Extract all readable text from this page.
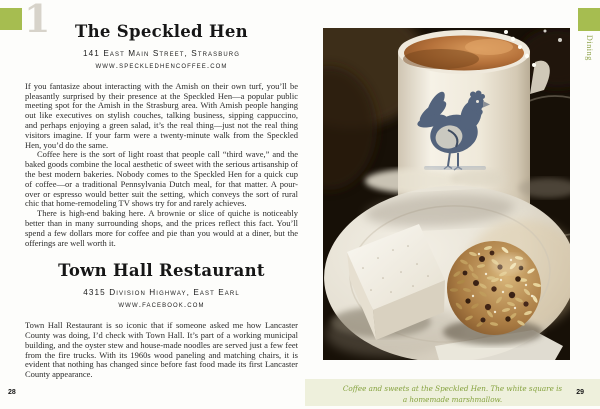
1	The Speckled Hen
141 East Main Street, Strasburg
www.speckledhencoffee.com

If you fantasize about interacting with the Amish on their own turf, you’ll be pleasantly surprised by their presence at the Speckled Hen—a popular public meeting spot for the Amish in the Strasburg area. With Amish people hanging out like executives on stylish couches, talking business, sipping cappuccino, and perhaps enjoying a green salad, it’s the real thing—just not the real thing visitors imagine. If your farm were a twenty-minute walk from the Speckled Hen, you’d do the same.

Coffee here is the sort of light roast that people call “third wave,” and the baked goods combine the local aesthetic of sweet with the serious artisanship of the best modern bakeries. Nobody comes to the Speckled Hen for a quick cup of coffee—or a traditional Pennsylvania Dutch meal, for that matter. A pour-over or espresso would better suit the setting, which conveys the sort of rural chic that home-remodeling TV shows try for and rarely achieves.

There is high-end baking here. A brownie or slice of quiche is noticeably better than in many surrounding shops, and the prices reflect this fact. You’ll spend a few dollars more for coffee and pie than you would at a diner, but the offerings are well worth it.

Town Hall Restaurant
4315 Division Highway, East Earl
www.facebook.com

Town Hall Restaurant is so iconic that if someone asked me how Lancaster County was doing, I’d check with Town Hall. It’s part of a working municipal building, and the oyster stew and house-made noodles are served just a few feet from the fire trucks. With its 1960s wood paneling and matching chairs, it is evident that nothing has changed since before fast food made its first Lancaster County appearance.

28	Coffee and sweets at the Speckled Hen. The white square is a homemade marshmallow.
29
Dining
